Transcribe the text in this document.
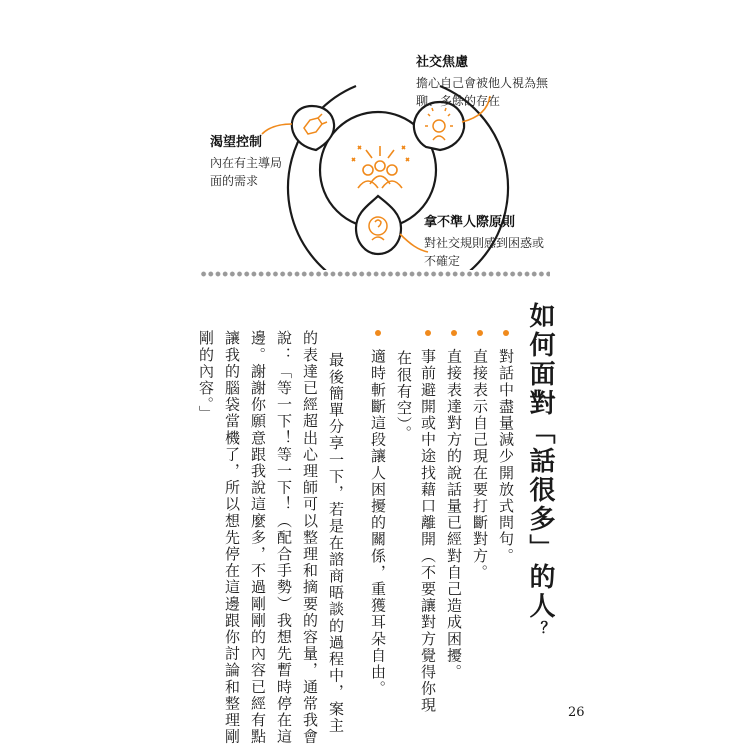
社交焦慮
擔心自己會被他人視為無
聊、多餘的存在
渴望控制
內在有主導局
面的需求
拿不準人際原則
對社交規則感到困惑或
不確定
如何面對「話很多」的人？
對話中盡量減少開放式問句。
直接表示自己現在要打斷對方。
直接表達對方的說話量已經對自己造成困擾。
事前避開或中途找藉口離開（不要讓對方覺得你現
在很有空）。
適時斬斷這段讓人困擾的關係，重獲耳朵自由。
最後簡單分享一下，若是在諮商晤談的過程中，案主
的表達已經超出心理師可以整理和摘要的容量，通常我會
說：「等一下！等一下！（配合手勢）我想先暫時停在這
邊。謝謝你願意跟我說這麼多，不過剛剛的內容已經有點
讓我的腦袋當機了，所以想先停在這邊跟你討論和整理剛
剛的內容。」
26
